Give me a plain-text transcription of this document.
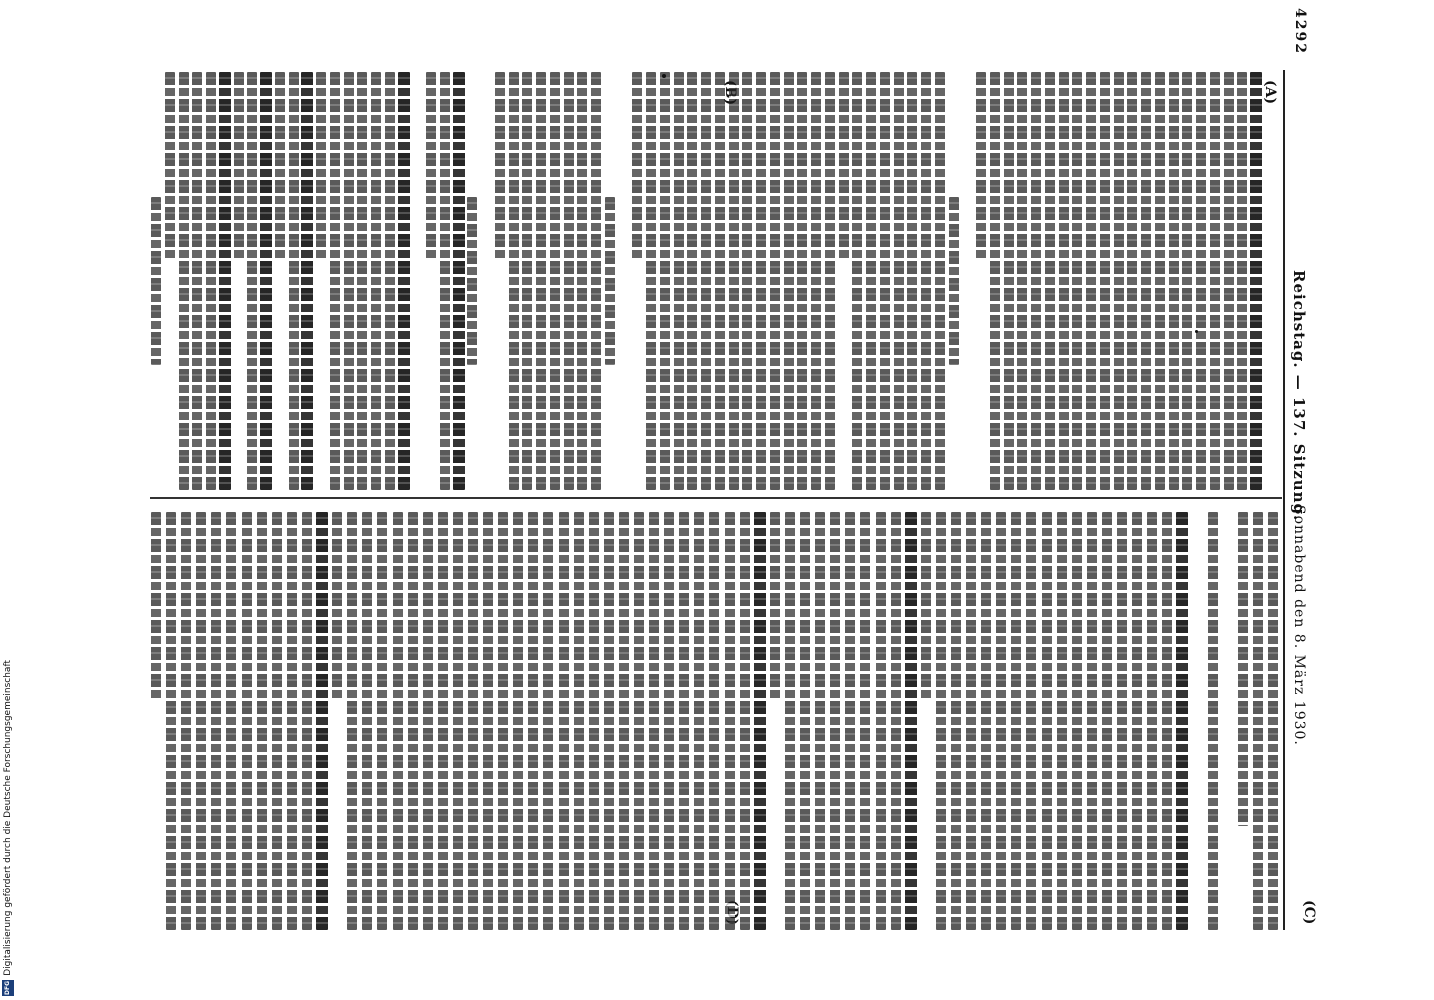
4292
Reichstag. — 137. Sitzung.
Sonnabend den 8. März 1930.
(A)
(C)
Digitalisierung gefördert durch die Deutsche Forschungsgemeinschaft
DFG
